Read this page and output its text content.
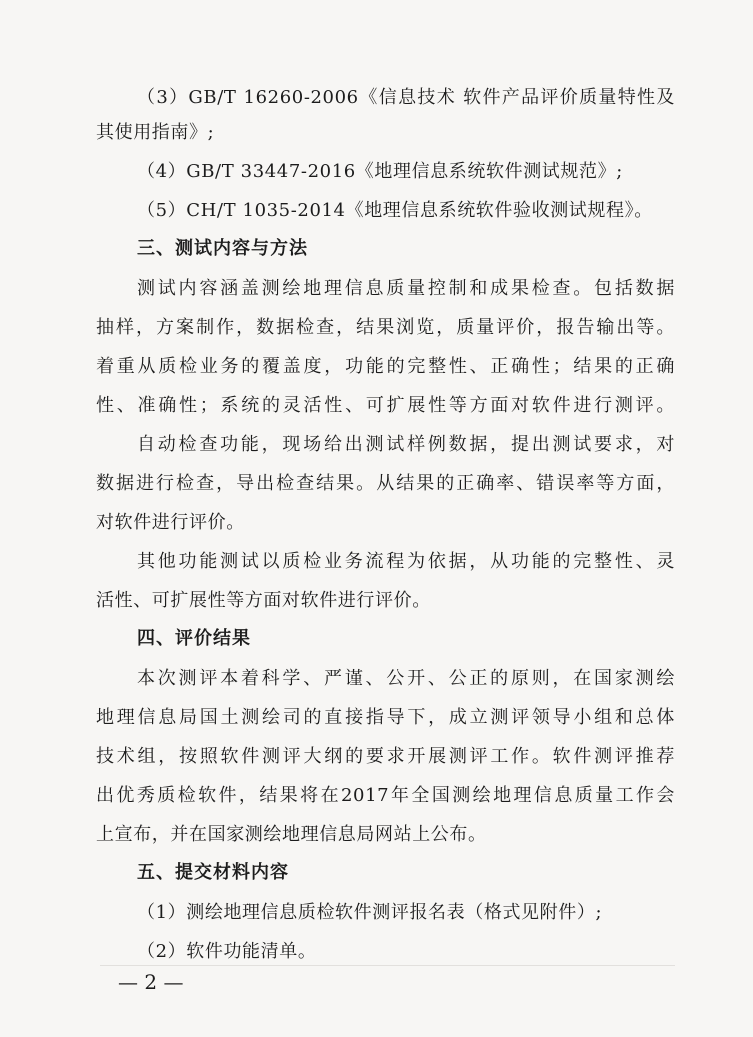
（3）GB/T 16260-2006《信息技术 软件产品评价质量特性及
其使用指南》;
（4）GB/T 33447-2016《地理信息系统软件测试规范》;
（5）CH/T 1035-2014《地理信息系统软件验收测试规程》。
三、测试内容与方法
测试内容涵盖测绘地理信息质量控制和成果检查。包括数据
抽样，方案制作，数据检查，结果浏览，质量评价，报告输出等。
着重从质检业务的覆盖度，功能的完整性、正确性；结果的正确
性、准确性；系统的灵活性、可扩展性等方面对软件进行测评。
自动检查功能，现场给出测试样例数据，提出测试要求，对
数据进行检查，导出检查结果。从结果的正确率、错误率等方面，
对软件进行评价。
其他功能测试以质检业务流程为依据，从功能的完整性、灵
活性、可扩展性等方面对软件进行评价。
四、评价结果
本次测评本着科学、严谨、公开、公正的原则，在国家测绘
地理信息局国土测绘司的直接指导下，成立测评领导小组和总体
技术组，按照软件测评大纲的要求开展测评工作。软件测评推荐
出优秀质检软件，结果将在2017年全国测绘地理信息质量工作会
上宣布，并在国家测绘地理信息局网站上公布。
五、提交材料内容
（1）测绘地理信息质检软件测评报名表（格式见附件）;
（2）软件功能清单。
— 2 —
